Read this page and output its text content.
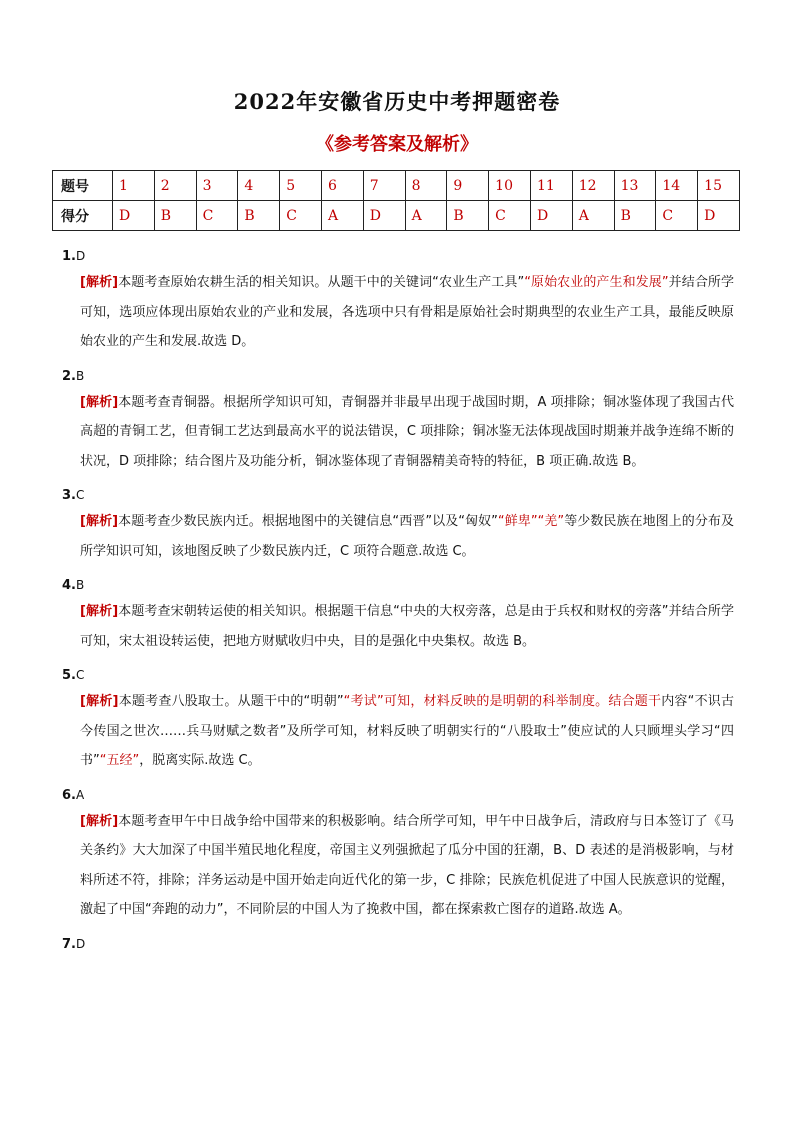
2022年安徽省历史中考押题密卷
《参考答案及解析》
题号	1	2	3	4	5	6	7	8	9	10	11	12	13	14	15
得分	D	B	C	B	C	A	D	A	B	C	D	A	B	C	D
1.D
[解析]本题考查原始农耕生活的相关知识。从题干中的关键词“农业生产工具”“原始农业的产生和发展”并结合所学可知，选项应体现出原始农业的产业和发展，各选项中只有骨耜是原始社会时期典型的农业生产工具，最能反映原始农业的产生和发展.故选 D。
2.B
[解析]本题考查青铜器。根据所学知识可知，青铜器并非最早出现于战国时期，A 项排除；铜冰鉴体现了我国古代高超的青铜工艺，但青铜工艺达到最高水平的说法错误，C 项排除；铜冰鉴无法体现战国时期兼并战争连绵不断的状况，D 项排除；结合图片及功能分析，铜冰鉴体现了青铜器精美奇特的特征，B 项正确.故选 B。
3.C
[解析]本题考查少数民族内迁。根据地图中的关键信息“西晋”以及“匈奴”“鲜卑”“羌”等少数民族在地图上的分布及所学知识可知，该地图反映了少数民族内迁，C 项符合题意.故选 C。
4.B
[解析]本题考查宋朝转运使的相关知识。根据题干信息“中央的大权旁落，总是由于兵权和财权的旁落”并结合所学可知，宋太祖设转运使，把地方财赋收归中央，目的是强化中央集权。故选 B。
5.C
[解析]本题考查八股取士。从题干中的“明朝”“考试”可知，材料反映的是明朝的科举制度。结合题干内容“不识古今传国之世次……兵马财赋之数者”及所学可知，材料反映了明朝实行的“八股取士”使应试的人只顾埋头学习“四书”“五经”，脱离实际.故选 C。
6.A
[解析]本题考查甲午中日战争给中国带来的积极影响。结合所学可知，甲午中日战争后，清政府与日本签订了《马关条约》大大加深了中国半殖民地化程度，帝国主义列强掀起了瓜分中国的狂潮，B、D 表述的是消极影响，与材料所述不符，排除；洋务运动是中国开始走向近代化的第一步，C 排除；民族危机促进了中国人民族意识的觉醒，激起了中国“奔跑的动力”，不同阶层的中国人为了挽救中国，都在探索救亡图存的道路.故选 A。
7.D
